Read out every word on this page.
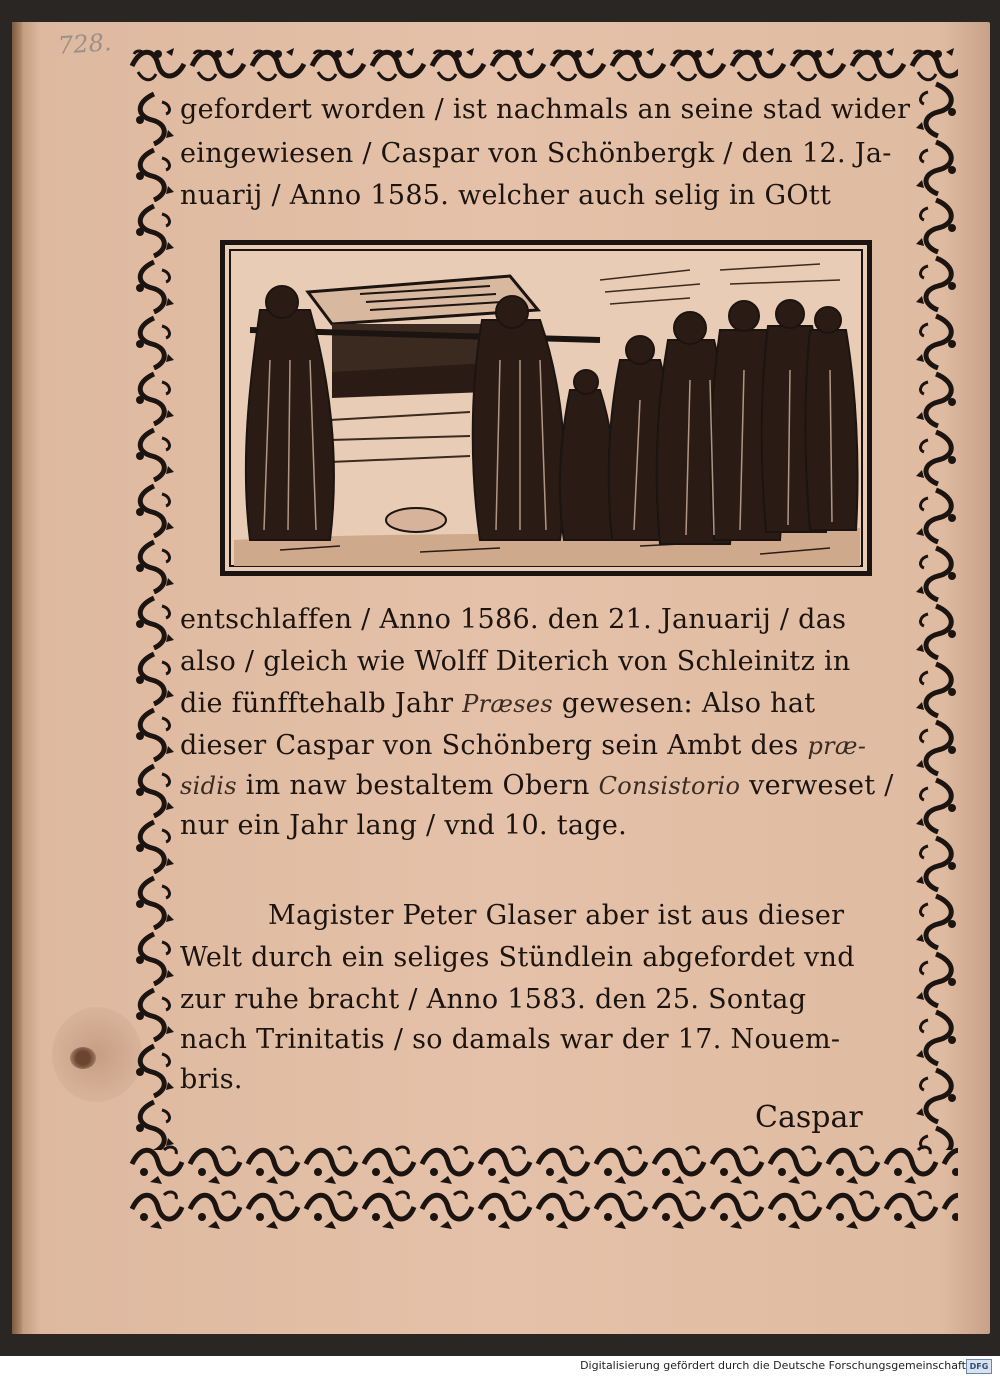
728.
gefordert worden / ist nachmals an seine stad wider
eingewiesen / Caspar von Schönbergk / den 12. Ja-
nuarij / Anno 1585. welcher auch selig in GOtt
entschlaffen / Anno 1586. den 21. Januarij / das
also / gleich wie Wolff Diterich von Schleinitz in
die fünfftehalb Jahr Præses gewesen: Also hat
dieser Caspar von Schönberg sein Ambt des præ-
sidis im naw bestaltem Obern Consistorio verweset /
nur ein Jahr lang / vnd 10. tage.
Magister Peter Glaser aber ist aus dieser
Welt durch ein seliges Stündlein abgefordet vnd
zur ruhe bracht / Anno 1583. den 25. Sontag
nach Trinitatis / so damals war der 17. Nouem-
bris.
Caspar
Digitalisierung gefördert durch die Deutsche Forschungsgemeinschaft DFG
